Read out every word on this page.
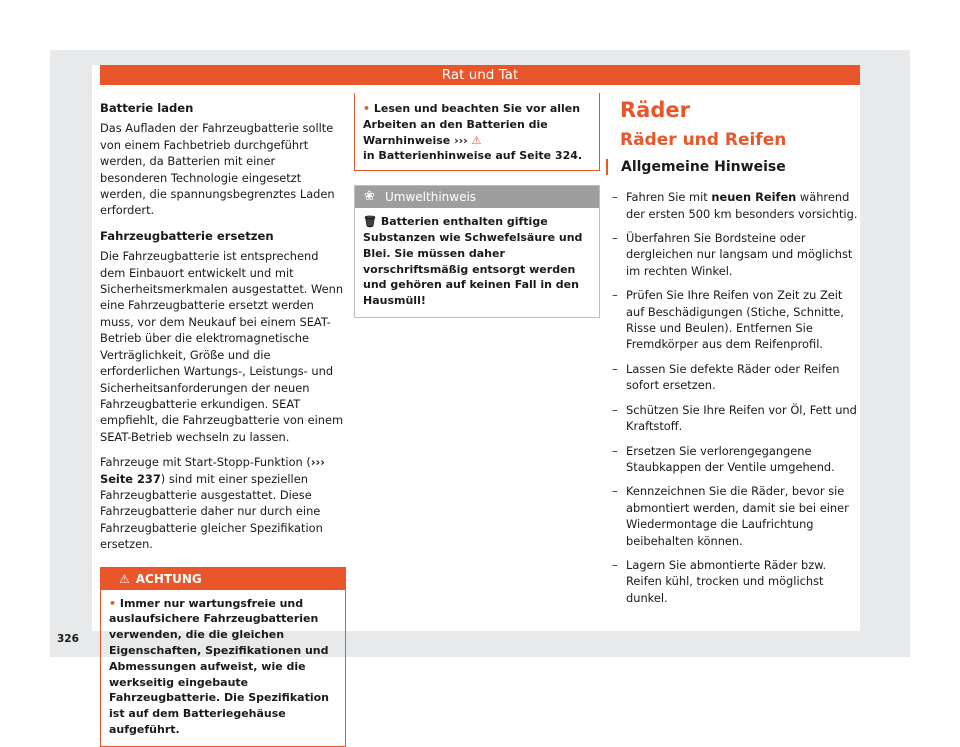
Rat und Tat
Batterie laden

Das Aufladen der Fahrzeugbatterie sollte von einem Fachbetrieb durchgeführt werden, da Batterien mit einer besonderen Technologie eingesetzt werden, die spannungsbegrenztes Laden erfordert.

Fahrzeugbatterie ersetzen

Die Fahrzeugbatterie ist entsprechend dem Einbauort entwickelt und mit Sicherheitsmerkmalen ausgestattet. Wenn eine Fahrzeugbatterie ersetzt werden muss, vor dem Neukauf bei einem SEAT-Betrieb über die elektromagnetische Verträglichkeit, Größe und die erforderlichen Wartungs-, Leistungs- und Sicherheitsanforderungen der neuen Fahrzeugbatterie erkundigen. SEAT empfiehlt, die Fahrzeugbatterie von einem SEAT-Betrieb wechseln zu lassen.

Fahrzeuge mit Start-Stopp-Funktion (››› Seite 237) sind mit einer speziellen Fahrzeugbatterie ausgestattet. Diese Fahrzeugbatterie daher nur durch eine Fahrzeugbatterie gleicher Spezifikation ersetzen.

⚠ ACHTUNG
• Immer nur wartungsfreie und auslaufsichere Fahrzeugbatterien verwenden, die die gleichen Eigenschaften, Spezifikationen und Abmessungen aufweist, wie die werkseitig eingebaute Fahrzeugbatterie. Die Spezifikation ist auf dem Batteriegehäuse aufgeführt.
• Lesen und beachten Sie vor allen Arbeiten an den Batterien die Warnhinweise ››› ⚠
in Batterienhinweise auf Seite 324.
❀ Umwelthinweis
🗑 Batterien enthalten giftige Substanzen wie Schwefelsäure und Blei. Sie müssen daher vorschriftsmäßig entsorgt werden und gehören auf keinen Fall in den Hausmüll!
Räder
Räder und Reifen
Allgemeine Hinweise
– Fahren Sie mit neuen Reifen während der ersten 500 km besonders vorsichtig.
– Überfahren Sie Bordsteine oder dergleichen nur langsam und möglichst im rechten Winkel.
– Prüfen Sie Ihre Reifen von Zeit zu Zeit auf Beschädigungen (Stiche, Schnitte, Risse und Beulen). Entfernen Sie Fremdkörper aus dem Reifenprofil.
– Lassen Sie defekte Räder oder Reifen sofort ersetzen.
– Schützen Sie Ihre Reifen vor Öl, Fett und Kraftstoff.
– Ersetzen Sie verlorengegangene Staubkappen der Ventile umgehend.
– Kennzeichnen Sie die Räder, bevor sie abmontiert werden, damit sie bei einer Wiedermontage die Laufrichtung beibehalten können.
– Lagern Sie abmontierte Räder bzw. Reifen kühl, trocken und möglichst dunkel.
326
